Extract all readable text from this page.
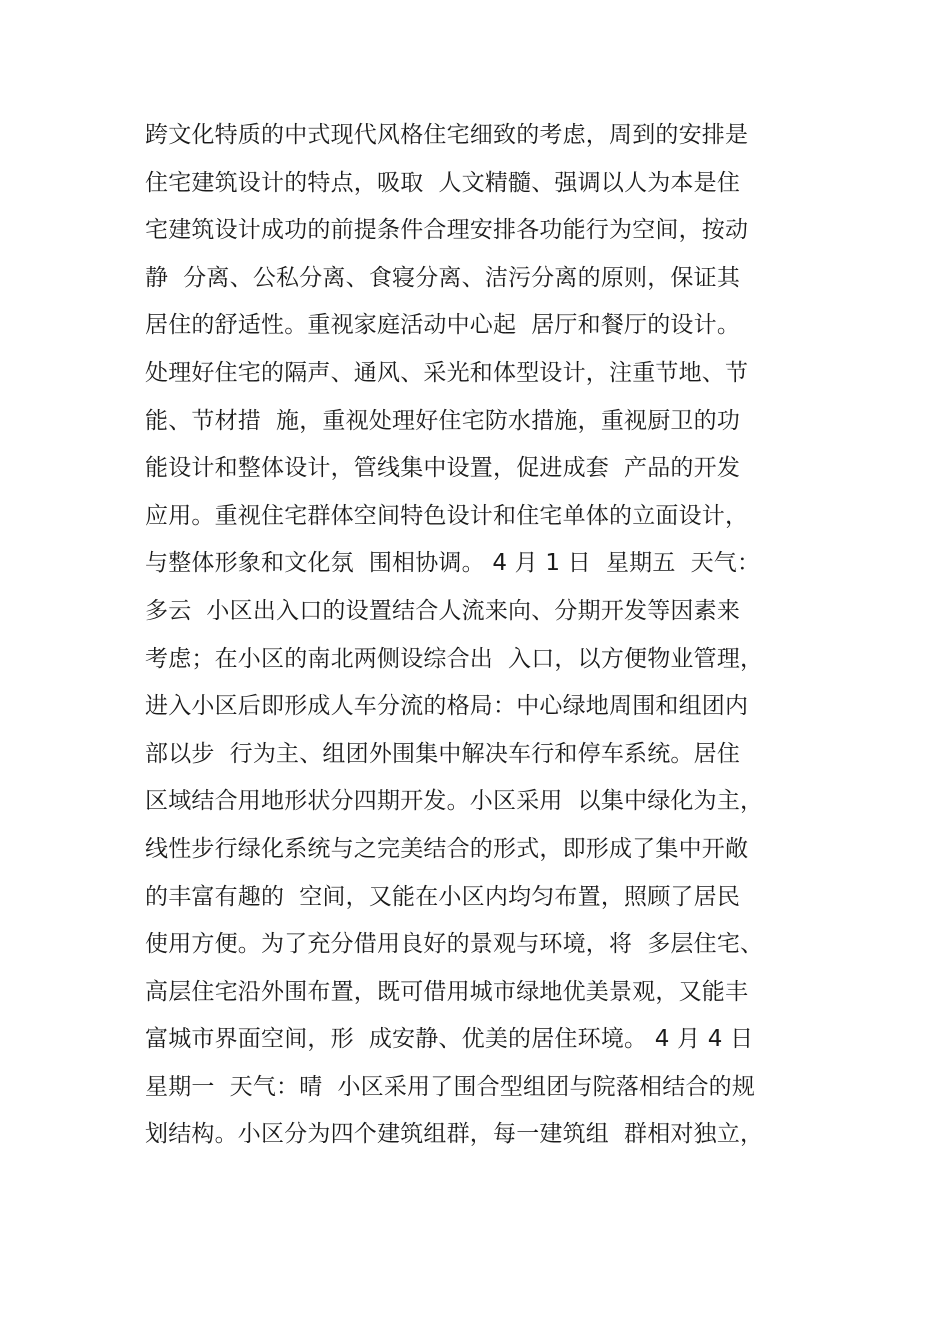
跨文化特质的中式现代风格住宅细致的考虑，周到的安排是
住宅建筑设计的特点，吸取  人文精髓、强调以人为本是住
宅建筑设计成功的前提条件合理安排各功能行为空间，按动
静  分离、公私分离、食寝分离、洁污分离的原则，保证其
居住的舒适性。重视家庭活动中心起  居厅和餐厅的设计。
处理好住宅的隔声、通风、采光和体型设计，注重节地、节
能、节材措  施，重视处理好住宅防水措施，重视厨卫的功
能设计和整体设计，管线集中设置，促进成套  产品的开发
应用。重视住宅群体空间特色设计和住宅单体的立面设计，
与整体形象和文化氛  围相协调。 4 月 1 日  星期五  天气：
多云  小区出入口的设置结合人流来向、分期开发等因素来
考虑；在小区的南北两侧设综合出  入口，以方便物业管理，
进入小区后即形成人车分流的格局：中心绿地周围和组团内
部以步  行为主、组团外围集中解决车行和停车系统。居住
区域结合用地形状分四期开发。小区采用  以集中绿化为主，
线性步行绿化系统与之完美结合的形式，即形成了集中开敞
的丰富有趣的  空间，又能在小区内均匀布置，照顾了居民
使用方便。为了充分借用良好的景观与环境，将  多层住宅、
高层住宅沿外围布置，既可借用城市绿地优美景观，又能丰
富城市界面空间，形  成安静、优美的居住环境。 4 月 4 日
星期一  天气：晴  小区采用了围合型组团与院落相结合的规
划结构。小区分为四个建筑组群，每一建筑组  群相对独立，
